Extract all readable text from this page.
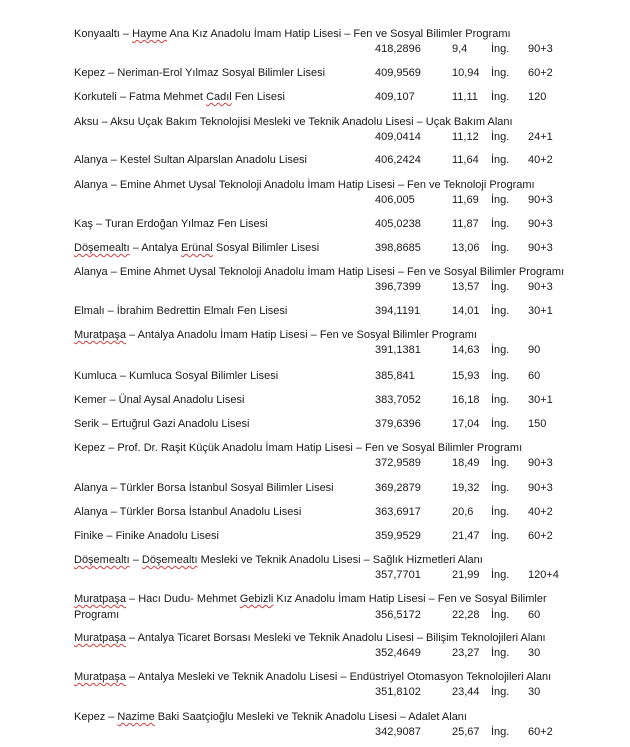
Konyaaltı – Hayme Ana Kız Anadolu İmam Hatip Lisesi – Fen ve Sosyal Bilimler Programı
418,2896	9,4 İng. 90+3
Kepez – Neriman-Erol Yılmaz Sosyal Bilimler Lisesi	409,9569	10,94 İng. 60+2
Korkuteli – Fatma Mehmet Cadıl Fen Lisesi	409,107	11,11 İng. 120
Aksu – Aksu Uçak Bakım Teknolojisi Mesleki ve Teknik Anadolu Lisesi – Uçak Bakım Alanı
409,0414	11,12 İng. 24+1
Alanya – Kestel Sultan Alparslan Anadolu Lisesi	406,2424	11,64 İng. 40+2
Alanya – Emine Ahmet Uysal Teknoloji Anadolu İmam Hatip Lisesi – Fen ve Teknoloji Programı
406,005	11,69 İng. 90+3
Kaş – Turan Erdoğan Yılmaz Fen Lisesi	405,0238	11,87 İng. 90+3
Döşemealtı – Antalya Erünal Sosyal Bilimler Lisesi	398,8685	13,06 İng. 90+3
Alanya – Emine Ahmet Uysal Teknoloji Anadolu İmam Hatip Lisesi – Fen ve Sosyal Bilimler Programı
396,7399	13,57 İng. 90+3
Elmalı – İbrahim Bedrettin Elmalı Fen Lisesi	394,1191	14,01 İng. 30+1
Muratpaşa – Antalya Anadolu İmam Hatip Lisesi – Fen ve Sosyal Bilimler Programı
391,1381	14,63 İng. 90
Kumluca – Kumluca Sosyal Bilimler Lisesi	385,841	15,93 İng. 60
Kemer – Ünal Aysal Anadolu Lisesi	383,7052	16,18 İng. 30+1
Serik – Ertuğrul Gazi Anadolu Lisesi	379,6396	17,04 İng. 150
Kepez – Prof. Dr. Raşit Küçük Anadolu İmam Hatip Lisesi – Fen ve Sosyal Bilimler Programı
372,9589	18,49 İng. 90+3
Alanya – Türkler Borsa İstanbul Sosyal Bilimler Lisesi	369,2879	19,32 İng. 90+3
Alanya – Türkler Borsa İstanbul Anadolu Lisesi	363,6917	20,6 İng. 40+2
Finike – Finike Anadolu Lisesi	359,9529	21,47 İng. 60+2
Döşemealtı – Döşemealtı Mesleki ve Teknik Anadolu Lisesi – Sağlık Hizmetleri Alanı
357,7701	21,99 İng. 120+4
Muratpaşa – Hacı Dudu- Mehmet Gebizli Kız Anadolu İmam Hatip Lisesi – Fen ve Sosyal Bilimler
Programı	356,5172	22,28 İng. 60
Muratpaşa – Antalya Ticaret Borsası Mesleki ve Teknik Anadolu Lisesi – Bilişim Teknolojileri Alanı
352,4649	23,27 İng. 30
Muratpaşa – Antalya Mesleki ve Teknik Anadolu Lisesi – Endüstriyel Otomasyon Teknolojileri Alanı
351,8102	23,44 İng. 30
Kepez – Nazime Baki Saatçioğlu Mesleki ve Teknik Anadolu Lisesi – Adalet Alanı
342,9087	25,67 İng. 60+2
